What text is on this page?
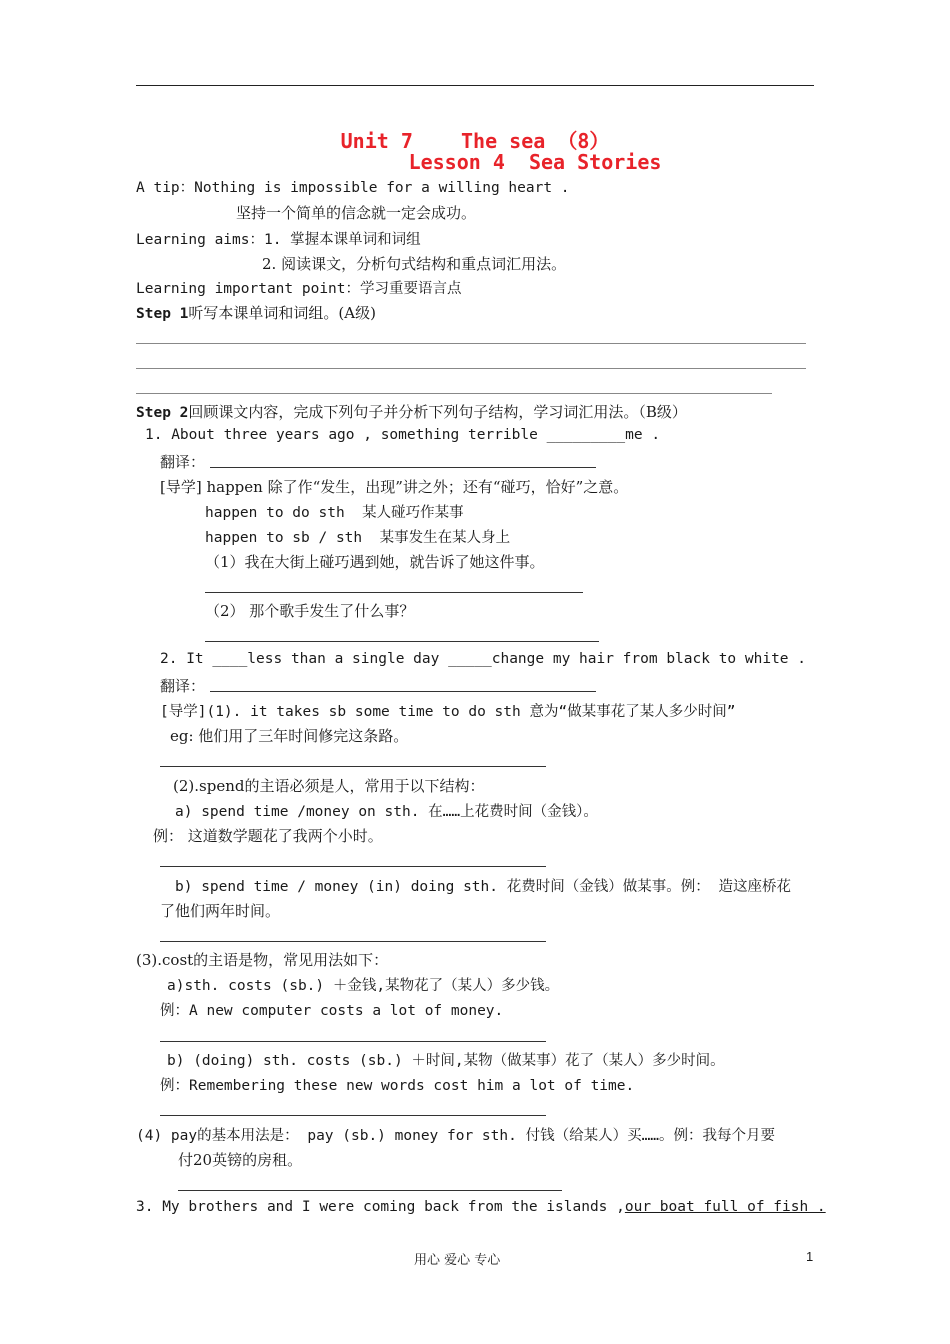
Unit 7    The sea （8）
Lesson 4  Sea Stories
A tip：Nothing is impossible for a willing heart .
坚持一个简单的信念就一定会成功。
Learning aims：1. 掌握本课单词和词组
2. 阅读课文，分析句式结构和重点词汇用法。
Learning important point：学习重要语言点
Step 1听写本课单词和词组。(A级)
Step 2回顾课文内容，完成下列句子并分析下列句子结构，学习词汇用法。（B级）
1. About three years ago , something terrible _________me .
翻译：
[导学] happen 除了作“发生，出现”讲之外；还有“碰巧，恰好”之意。
happen to do sth  某人碰巧作某事
happen to sb / sth  某事发生在某人身上
（1）我在大街上碰巧遇到她，就告诉了她这件事。
（2） 那个歌手发生了什么事？
2. It ____less than a single day _____change my hair from black to white .
翻译：
[导学](1). it takes sb some time to do sth 意为“做某事花了某人多少时间”
eg: 他们用了三年时间修完这条路。
(2).spend的主语必须是人，常用于以下结构：
a) spend time /money on sth. 在……上花费时间（金钱）。
例： 这道数学题花了我两个小时。
b) spend time / money (in) doing sth. 花费时间（金钱）做某事。例： 造这座桥花
了他们两年时间。
(3).cost的主语是物，常见用法如下：
a)sth. costs (sb.) ＋金钱,某物花了（某人）多少钱。
例：A new computer costs a lot of money.
b) (doing) sth. costs (sb.) ＋时间,某物（做某事）花了（某人）多少时间。
例：Remembering these new words cost him a lot of time.
(4) pay的基本用法是： pay (sb.) money for sth. 付钱（给某人）买……。例：我每个月要
付20英镑的房租。
3. My brothers and I were coming back from the islands ,our boat full of fish .
用心 爱心 专心	1
